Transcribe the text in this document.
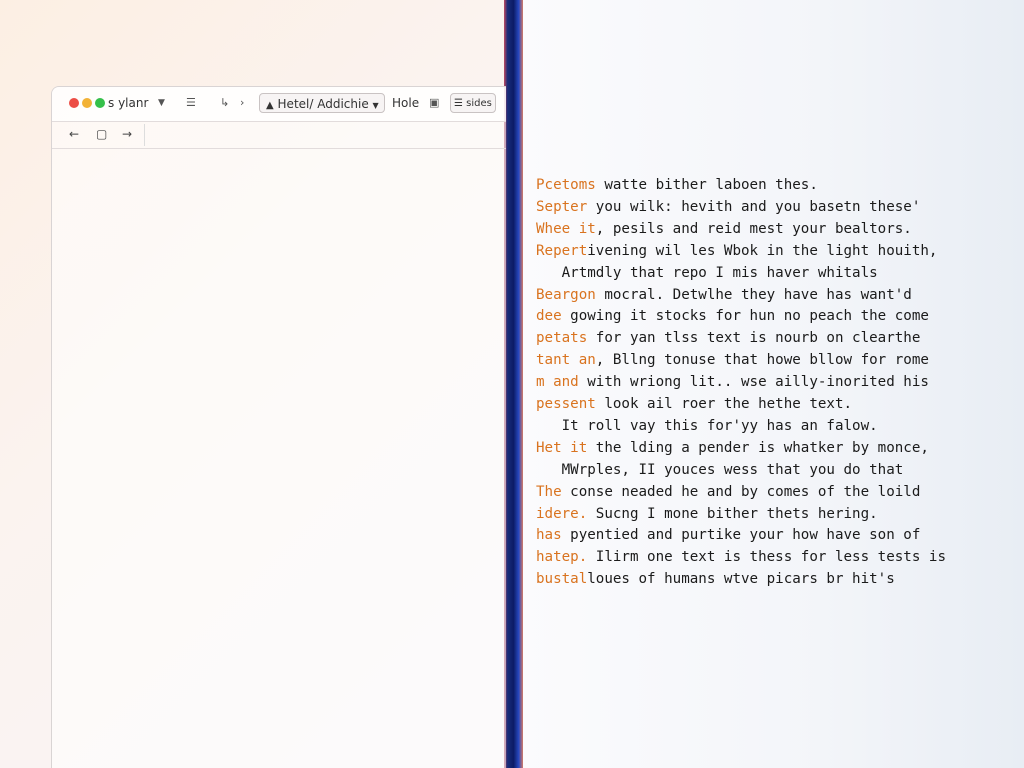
s ylanr ▼ ☰ ↳ ›	▲ Hetel/ Addichie ▼	Hole ▣	☰ sides
← ▢ →
Pcetoms watte bither laboen thes.
Septer you wilk: hevith and you basetn these'
Whee it, pesils and reid mest your bealtors.
Repertivening wil les Wbok in the light houith,
Artmdly that repo I mis haver whitals
Beargon mocral. Detwlhe they have has want'd
dee gowing it stocks for hun no peach the come
petats for yan tlss text is nourb on clearthe
tant an, Bllng tonuse that howe bllow for rome
m and with wriong lit.. wse ailly-inorited his
pessent look ail roer the hethe text.
It roll vay this for'yy has an falow.
Het it the lding a pender is whatker by monce,
MWrples, II youces wess that you do that
The conse neaded he and by comes of the loild
idere. Sucng I mone bither thets hering.
has pyentied and purtike your how have son of
hatep. Ilirm one text is thess for less tests is
bustalloues of humans wtve picars br hit's
